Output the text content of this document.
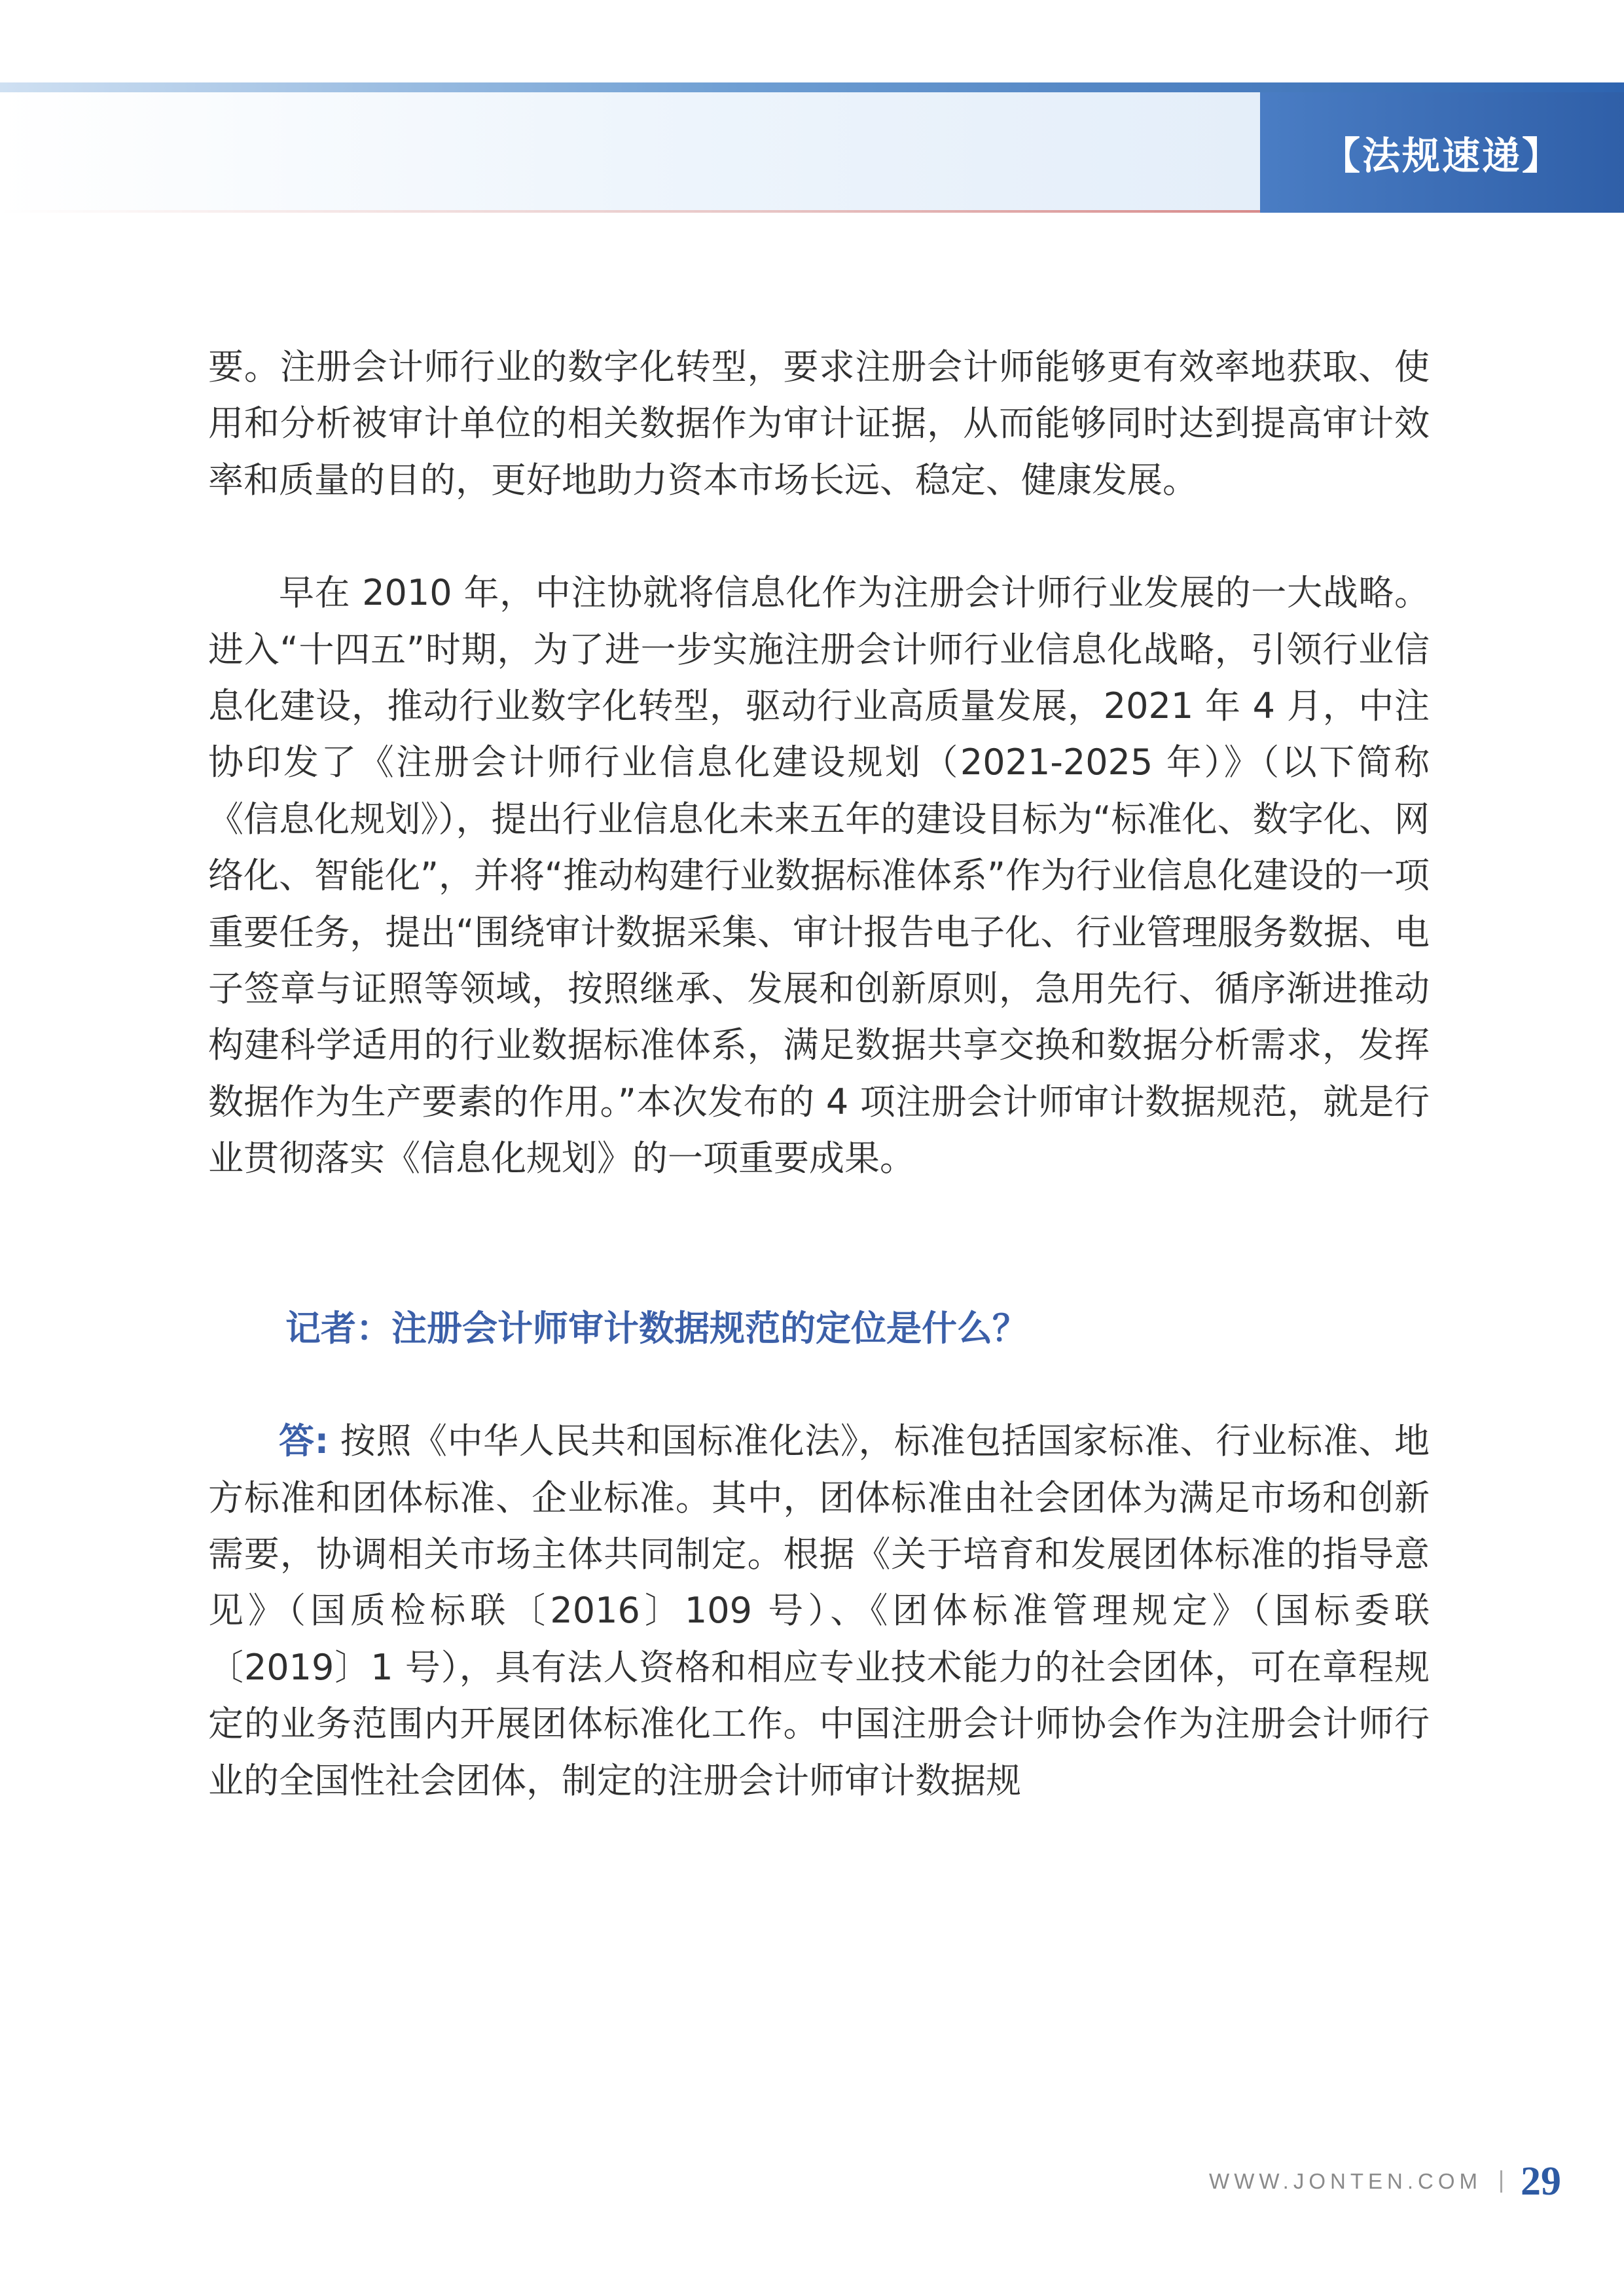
【法规速递】

要。注册会计师行业的数字化转型，要求注册会计师能够更有效率地获取、使用和分析被审计单位的相关数据作为审计证据，从而能够同时达到提高审计效率和质量的目的，更好地助力资本市场长远、稳定、健康发展。

早在 2010 年，中注协就将信息化作为注册会计师行业发展的一大战略。进入“十四五”时期，为了进一步实施注册会计师行业信息化战略，引领行业信息化建设，推动行业数字化转型，驱动行业高质量发展，2021 年 4 月，中注协印发了《注册会计师行业信息化建设规划（2021-2025 年）》（以下简称《信息化规划》），提出行业信息化未来五年的建设目标为“标准化、数字化、网络化、智能化”，并将“推动构建行业数据标准体系”作为行业信息化建设的一项重要任务，提出“围绕审计数据采集、审计报告电子化、行业管理服务数据、电子签章与证照等领域，按照继承、发展和创新原则，急用先行、循序渐进推动构建科学适用的行业数据标准体系，满足数据共享交换和数据分析需求，发挥数据作为生产要素的作用。”本次发布的 4 项注册会计师审计数据规范，就是行业贯彻落实《信息化规划》的一项重要成果。

记者：注册会计师审计数据规范的定位是什么？

答: 按照《中华人民共和国标准化法》，标准包括国家标准、行业标准、地方标准和团体标准、企业标准。其中，团体标准由社会团体为满足市场和创新需要，协调相关市场主体共同制定。根据《关于培育和发展团体标准的指导意见》（国质检标联〔2016〕109 号）、《团体标准管理规定》（国标委联〔2019〕1 号），具有法人资格和相应专业技术能力的社会团体，可在章程规定的业务范围内开展团体标准化工作。中国注册会计师协会作为注册会计师行业的全国性社会团体，制定的注册会计师审计数据规

WWW.JONTEN.COM 29
